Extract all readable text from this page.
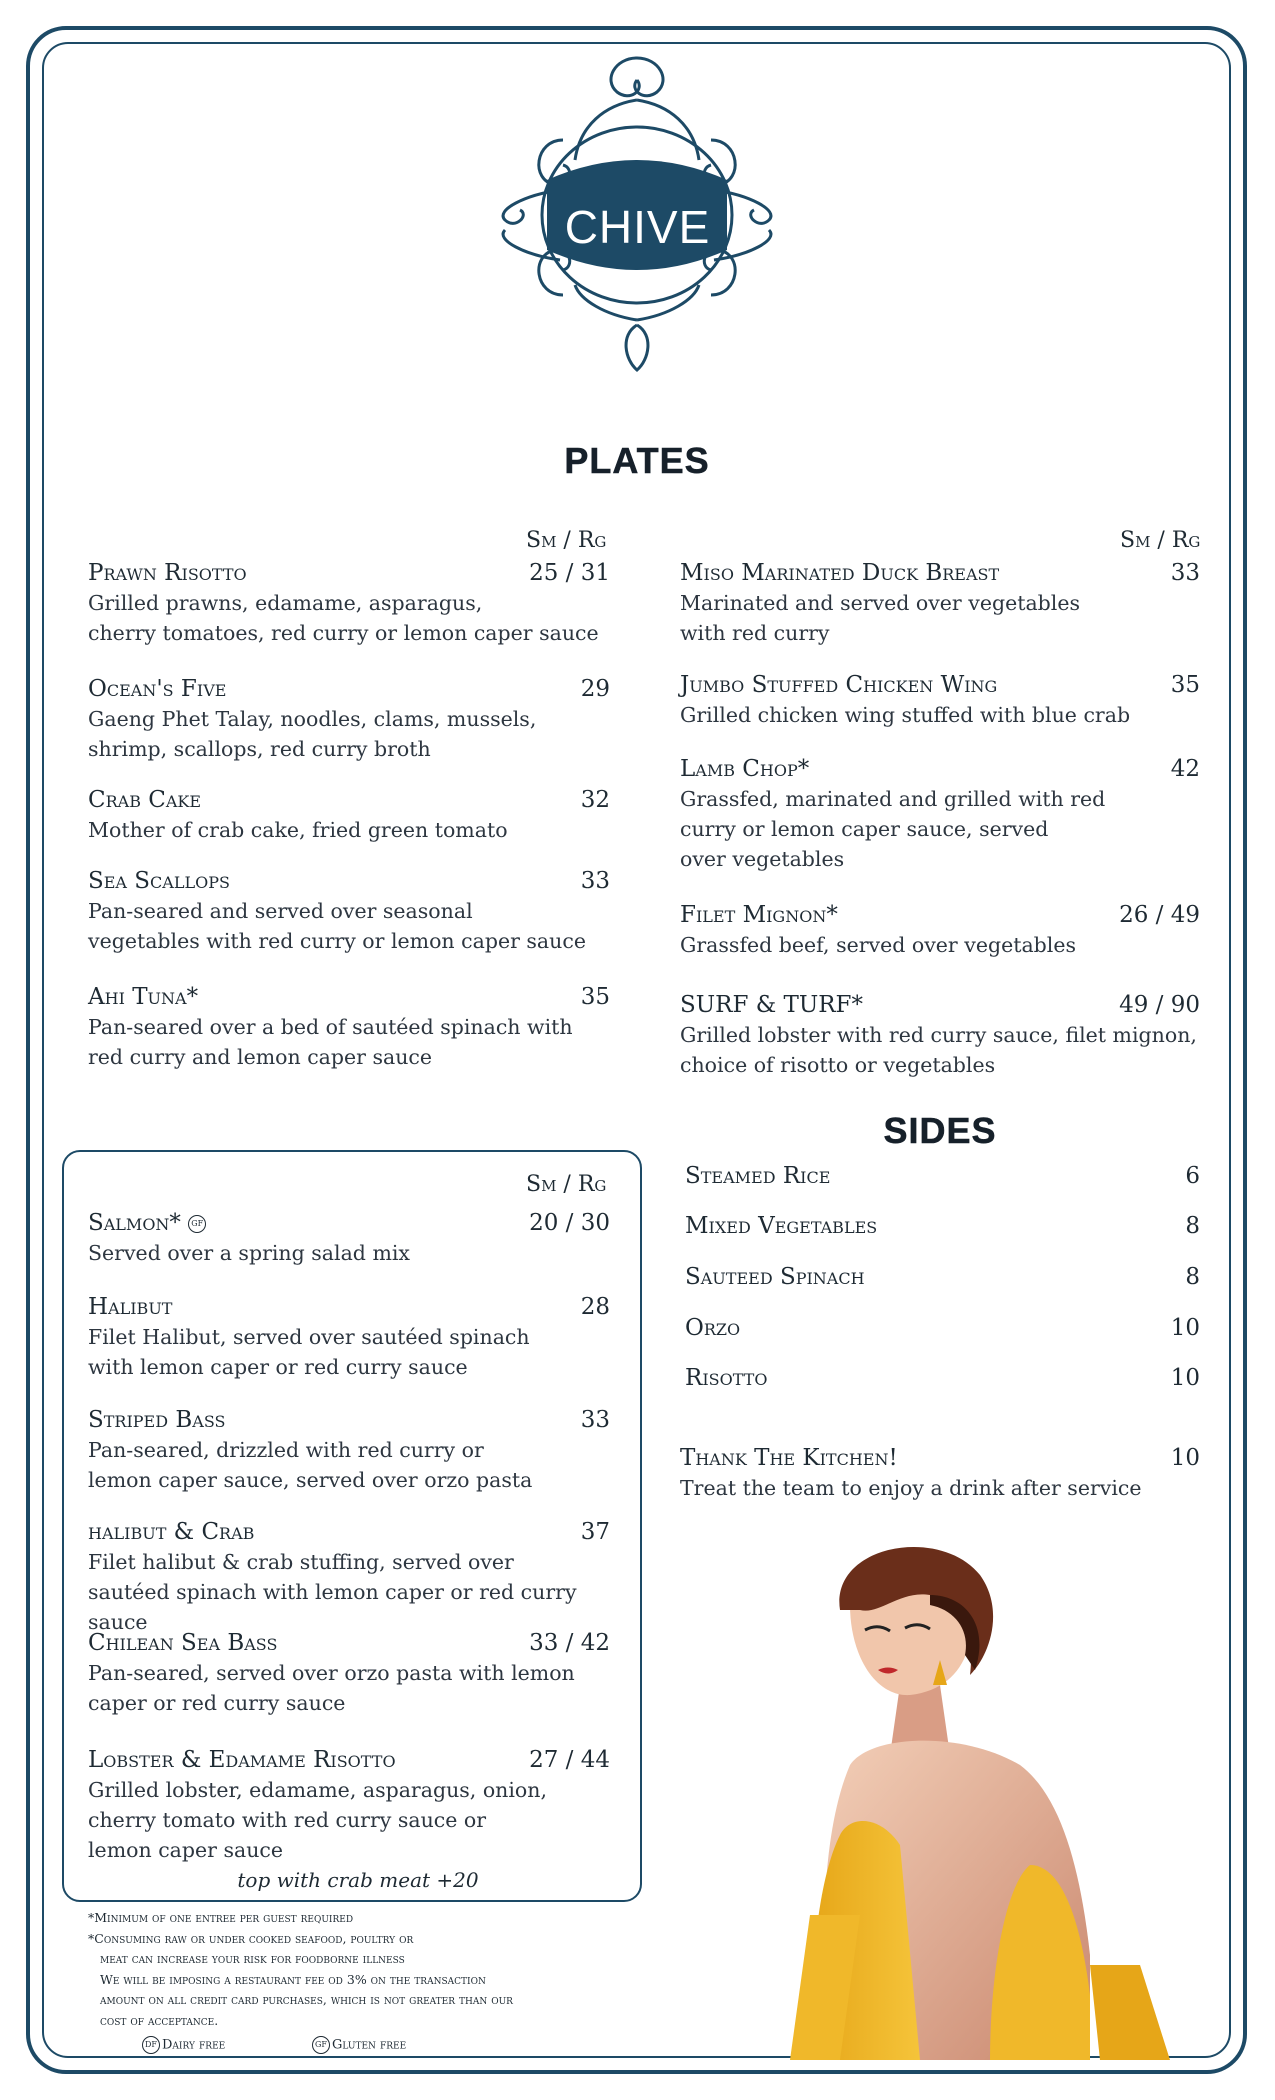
CHIVE
sea bar & lounge
PLATES
Sm / Rg
Prawn Risotto	25 / 31
Grilled prawns, edamame, asparagus,
cherry tomatoes, red curry or lemon caper sauce
Ocean's Five	29
Gaeng Phet Talay, noodles, clams, mussels,
shrimp, scallops, red curry broth
Crab Cake	32
Mother of crab cake, fried green tomato
Sea Scallops	33
Pan-seared and served over seasonal
vegetables with red curry or lemon caper sauce
Ahi Tuna*	35
Pan-seared over a bed of sautéed spinach with
red curry and lemon caper sauce
Sm / Rg
Miso Marinated Duck Breast	33
Marinated and served over vegetables
with red curry
Jumbo Stuffed Chicken Wing	35
Grilled chicken wing stuffed with blue crab
Lamb Chop*	42
Grassfed, marinated and grilled with red
curry or lemon caper sauce, served
over vegetables
Filet Mignon*	26 / 49
Grassfed beef, served over vegetables
SURF & TURF*	49 / 90
Grilled lobster with red curry sauce, filet mignon,
choice of risotto or vegetables
Sm / Rg
Salmon* GF	20 / 30
Served over a spring salad mix
Halibut	28
Filet Halibut, served over sautéed spinach
with lemon caper or red curry sauce
Striped Bass	33
Pan-seared, drizzled with red curry or
lemon caper sauce, served over orzo pasta
halibut & Crab	37
Filet halibut & crab stuffing, served over
sautéed spinach with lemon caper or red curry sauce
Chilean Sea Bass	33 / 42
Pan-seared, served over orzo pasta with lemon
caper or red curry sauce
Lobster & Edamame Risotto	27 / 44
Grilled lobster, edamame, asparagus, onion,
cherry tomato with red curry sauce or
lemon caper sauce
top with crab meat +20
SIDES
Steamed Rice	6
Mixed Vegetables	8
Sauteed Spinach	8
Orzo	10
Risotto	10
Thank The Kitchen!	10
Treat the team to enjoy a drink after service
*Minimum of one entree per guest required
*Consuming raw or under cooked seafood, poultry or
meat can increase your risk for foodborne illness
We will be imposing a restaurant fee od 3% on the transaction
amount on all credit card purchases, which is not greater than our
cost of acceptance.
DF Dairy free	GF Gluten free
